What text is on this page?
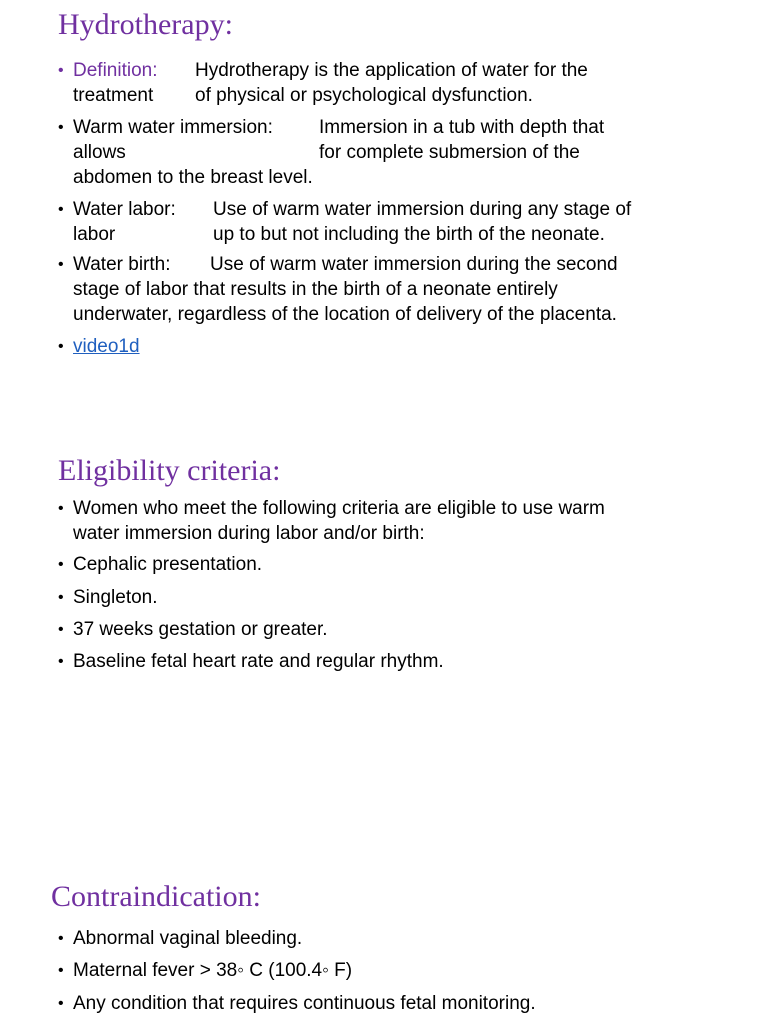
Hydrotherapy:
• Definition:	Hydrotherapy is the application of water for the
treatment	of physical or psychological dysfunction.
• Warm water immersion:	Immersion in a tub with depth that
allows	for complete submersion of the
abdomen to the breast level.
• Water labor:	Use of warm water immersion during any stage of
labor	up to but not including the birth of the neonate.
• Water birth:	Use of warm water immersion during the second
stage of labor that results in the birth of a neonate entirely
underwater, regardless of the location of delivery of the placenta.
• video1d
Eligibility criteria:
• Women who meet the following criteria are eligible to use warm
water immersion during labor and/or birth:
• Cephalic presentation.
• Singleton.
• 37 weeks gestation or greater.
• Baseline fetal heart rate and regular rhythm.
Contraindication:
• Abnormal vaginal bleeding.
• Maternal fever > 38◦ C (100.4◦ F)
• Any condition that requires continuous fetal monitoring.
